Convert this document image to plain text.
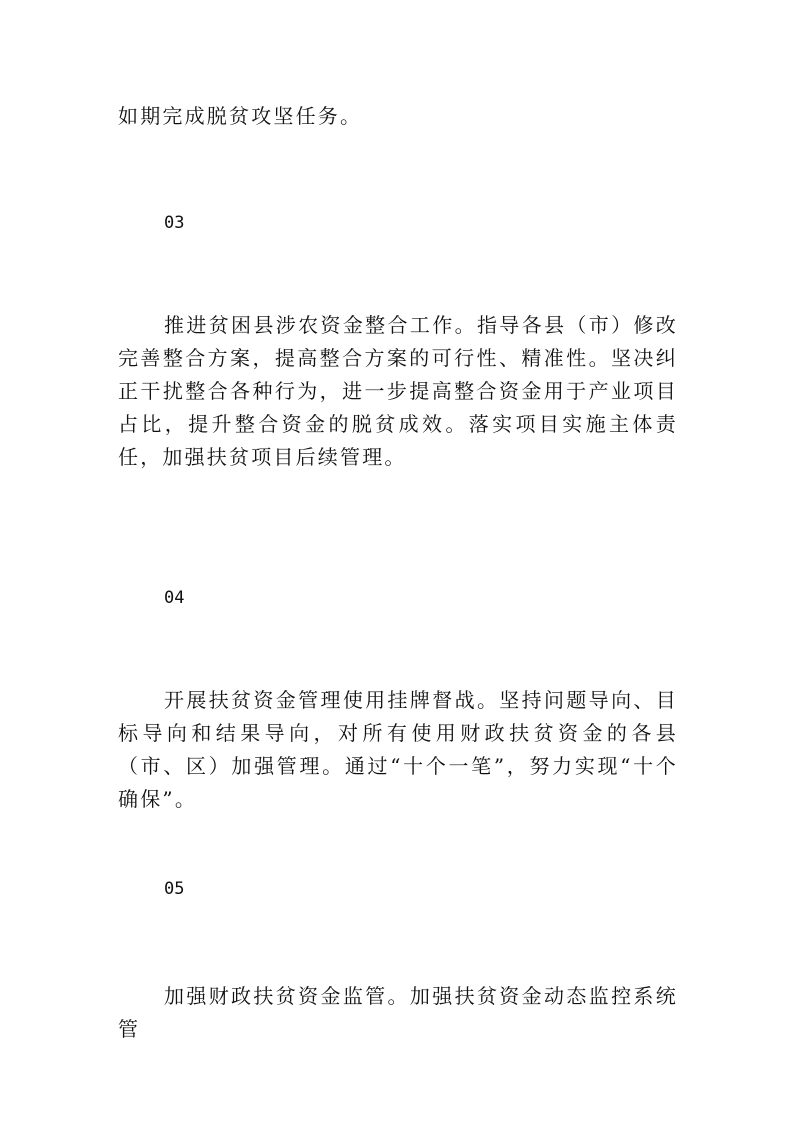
如期完成脱贫攻坚任务。

03

推进贫困县涉农资金整合工作。指导各县（市）修改完善整合方案，提高整合方案的可行性、精准性。坚决纠正干扰整合各种行为，进一步提高整合资金用于产业项目占比，提升整合资金的脱贫成效。落实项目实施主体责任，加强扶贫项目后续管理。

04

开展扶贫资金管理使用挂牌督战。坚持问题导向、目标导向和结果导向，对所有使用财政扶贫资金的各县（市、区）加强管理。通过“十个一笔”，努力实现“十个确保”。

05

加强财政扶贫资金监管。加强扶贫资金动态监控系统管
